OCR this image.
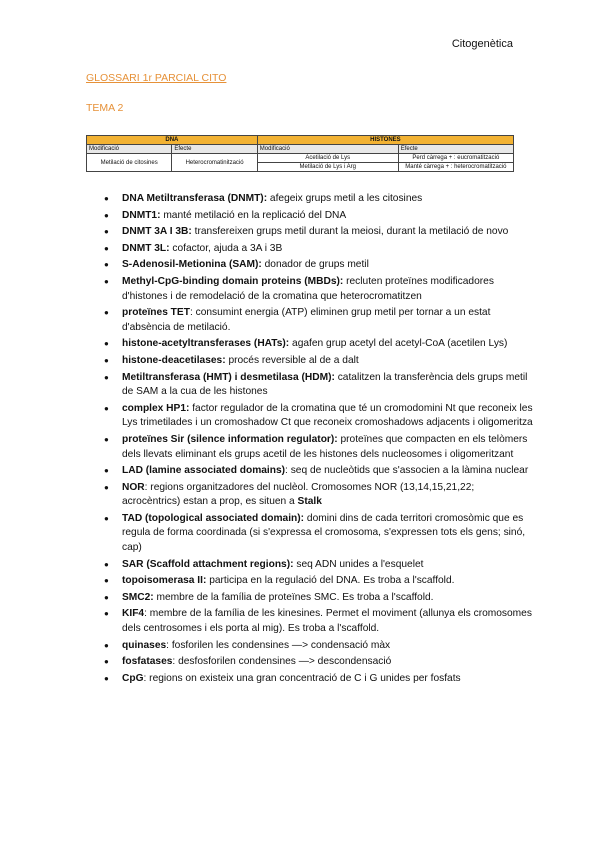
Citogenètica
GLOSSARI 1r PARCIAL CITO
TEMA 2
DNA		HISTONES	
Modificació	Efecte	Modificació	Efecte
Metilació de citosines	Heterocromatinització	Acetilació de Lys	Perd càrrega + : eucromatització
		Metilació de Lys i Arg	Manté càrrega + : heterocromatització
● DNA Metiltransferasa (DNMT): afegeix grups metil a les citosines
● DNMT1: manté metilació en la replicació del DNA
● DNMT 3A I 3B: transfereixen grups metil durant la meiosi, durant la metilació de novo
● DNMT 3L: cofactor, ajuda a 3A i 3B
● S-Adenosil-Metionina (SAM): donador de grups metil
● Methyl-CpG-binding domain proteins (MBDs): recluten proteïnes modificadores d'histones i de remodelació de la cromatina que heterocromatitzen
● proteïnes TET: consumint energia (ATP) eliminen grup metil per tornar a un estat d'absència de metilació.
● histone-acetyltransferases (HATs): agafen grup acetyl del acetyl-CoA (acetilen Lys)
● histone-deacetilases: procés reversible al de a dalt
● Metiltransferasa (HMT) i desmetilasa (HDM): catalitzen la transferència dels grups metil de SAM a la cua de les histones
● complex HP1: factor regulador de la cromatina que té un cromodomini Nt que reconeix les Lys trimetilades i un cromoshadow Ct que reconeix cromoshadows adjacents i oligomeritza
● proteïnes Sir (silence information regulator): proteïnes que compacten en els telòmers dels llevats eliminant els grups acetil de les histones dels nucleosomes i oligomeritzant
● LAD (lamine associated domains): seq de nucleòtids que s'associen a la làmina nuclear
● NOR: regions organitzadores del nuclèol. Cromosomes NOR (13,14,15,21,22; acrocèntrics) estan a prop, es situen a Stalk
● TAD (topological associated domain): domini dins de cada territori cromosòmic que es regula de forma coordinada (si s'expressa el cromosoma, s'expressen tots els gens; sinó, cap)
● SAR (Scaffold attachment regions): seq ADN unides a l'esquelet
● topoisomerasa II: participa en la regulació del DNA. Es troba a l'scaffold.
● SMC2: membre de la família de proteïnes SMC. Es troba a l'scaffold.
● KIF4: membre de la família de les kinesines. Permet el moviment (allunya els cromosomes dels centrosomes i els porta al mig). Es troba a l'scaffold.
● quinases: fosforilen les condensines —> condensació màx
● fosfatases: desfosforilen condensines —> descondensació
● CpG: regions on existeix una gran concentració de C i G unides per fosfats
